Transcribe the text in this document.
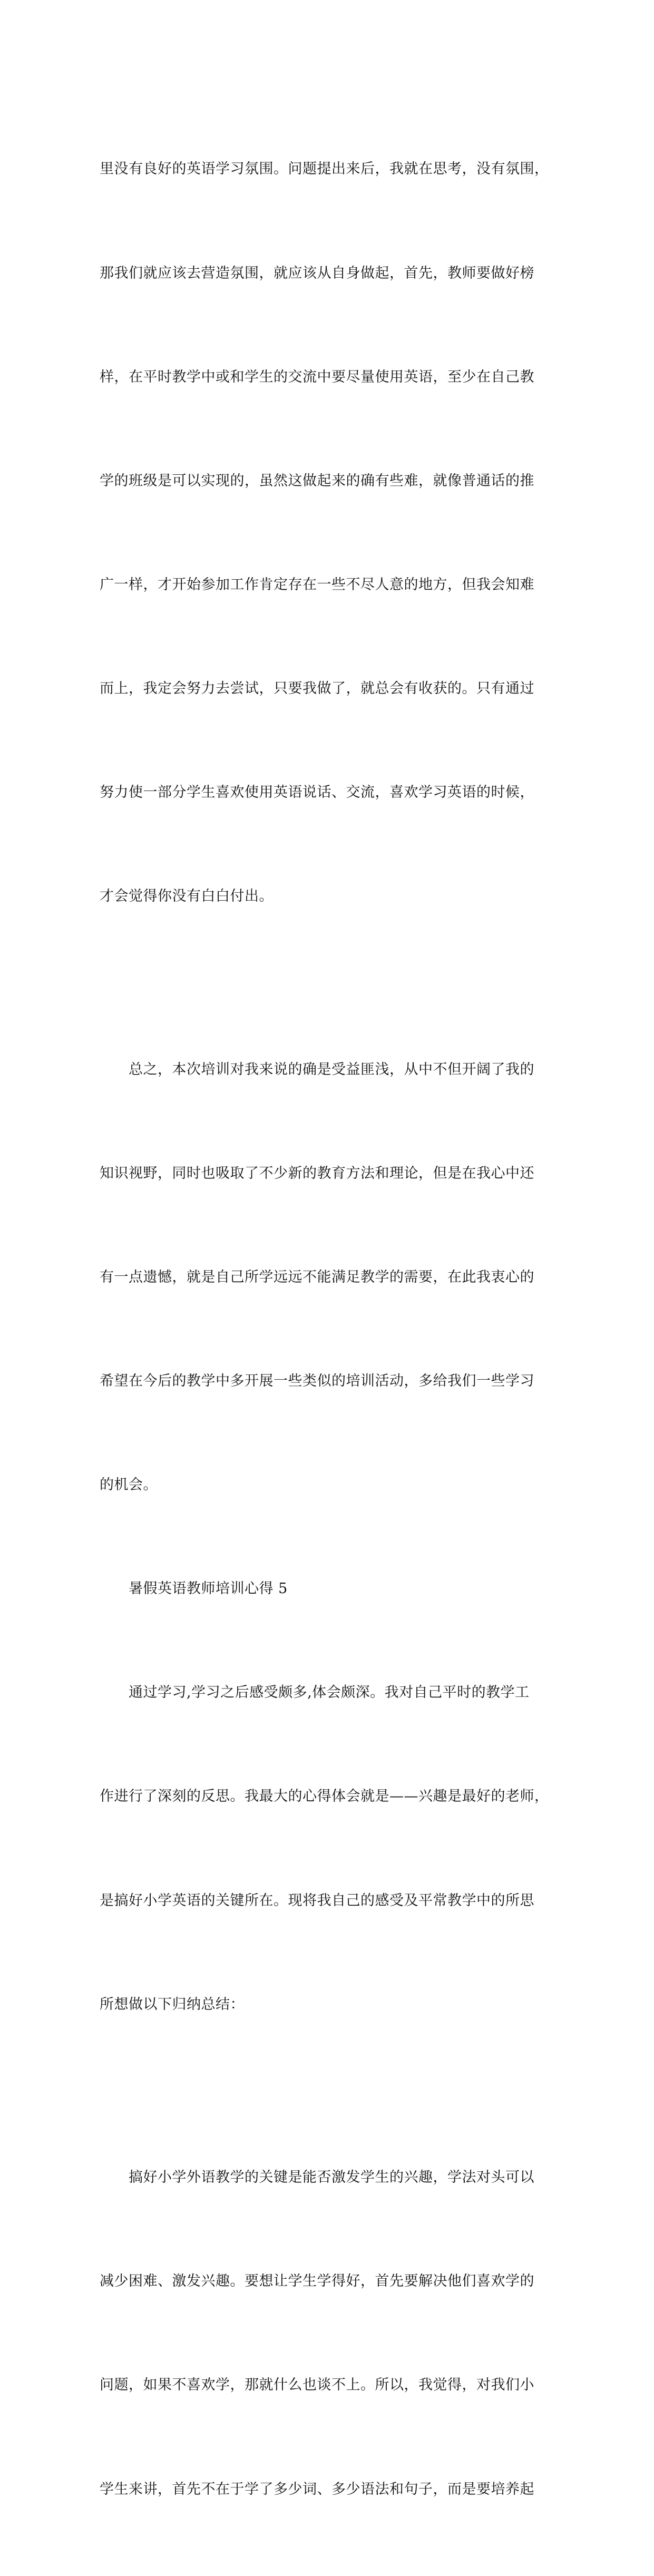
里没有良好的英语学习氛围。问题提出来后，我就在思考，没有氛围，

那我们就应该去营造氛围，就应该从自身做起，首先，教师要做好榜

样，在平时教学中或和学生的交流中要尽量使用英语，至少在自己教

学的班级是可以实现的，虽然这做起来的确有些难，就像普通话的推

广一样，才开始参加工作肯定存在一些不尽人意的地方，但我会知难

而上，我定会努力去尝试，只要我做了，就总会有收获的。只有通过

努力使一部分学生喜欢使用英语说话、交流，喜欢学习英语的时候，

才会觉得你没有白白付出。

　　总之，本次培训对我来说的确是受益匪浅，从中不但开阔了我的

知识视野，同时也吸取了不少新的教育方法和理论，但是在我心中还

有一点遗憾，就是自己所学远远不能满足教学的需要，在此我衷心的

希望在今后的教学中多开展一些类似的培训活动，多给我们一些学习

的机会。

　　暑假英语教师培训心得 5

　　通过学习,学习之后感受颇多,体会颇深。我对自己平时的教学工

作进行了深刻的反思。我最大的心得体会就是——兴趣是最好的老师，

是搞好小学英语的关键所在。现将我自己的感受及平常教学中的所思

所想做以下归纳总结：

　　搞好小学外语教学的关键是能否激发学生的兴趣，学法对头可以

减少困难、激发兴趣。要想让学生学得好，首先要解决他们喜欢学的

问题，如果不喜欢学，那就什么也谈不上。所以，我觉得，对我们小

学生来讲，首先不在于学了多少词、多少语法和句子，而是要培养起
